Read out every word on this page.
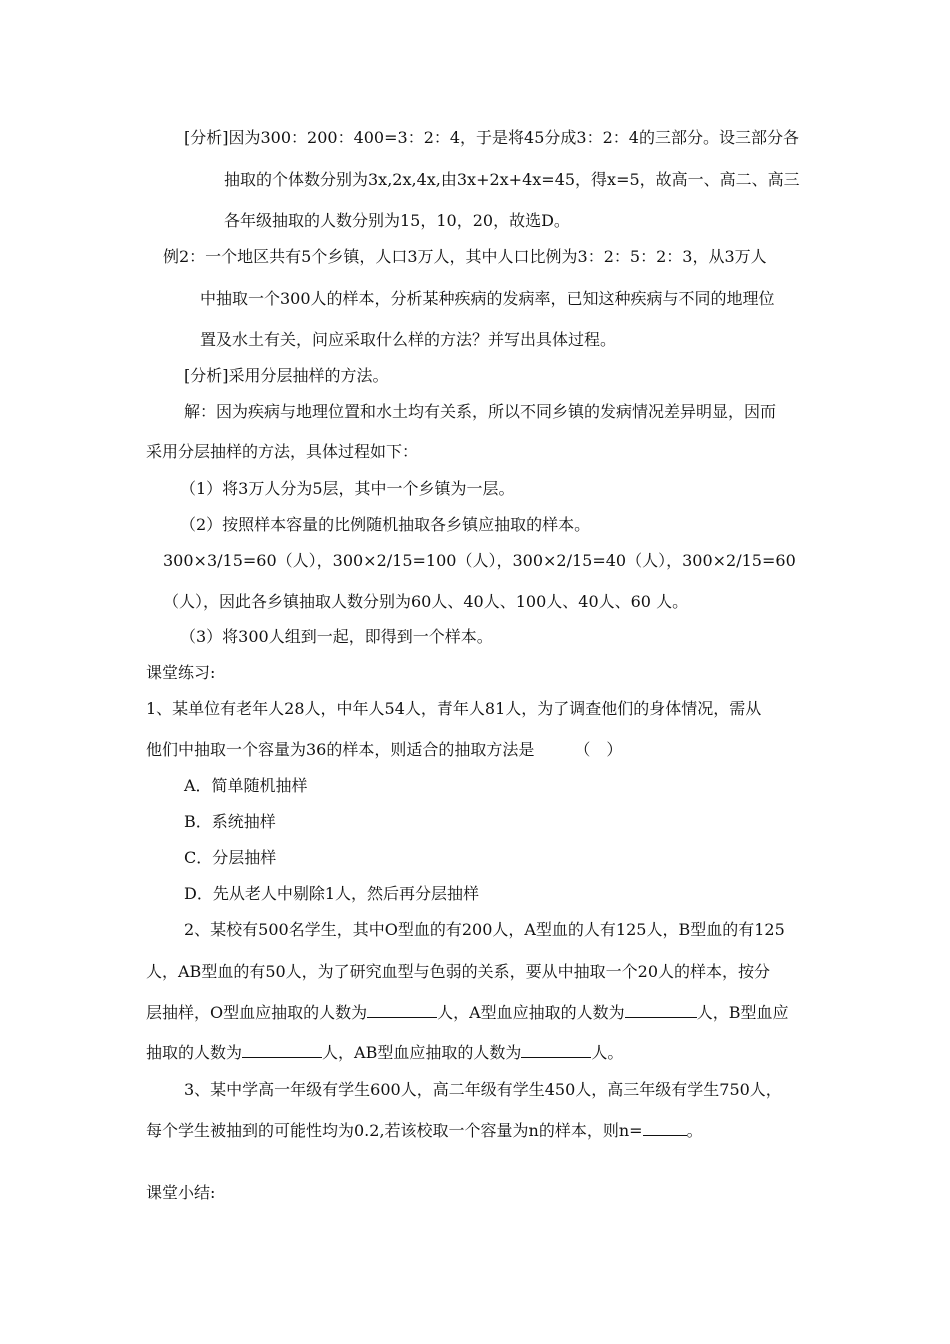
[分析]因为300：200：400=3：2：4，于是将45分成3：2：4的三部分。设三部分各
抽取的个体数分别为3x,2x,4x,由3x+2x+4x=45，得x=5，故高一、高二、高三
各年级抽取的人数分别为15，10，20，故选D。
例2：一个地区共有5个乡镇，人口3万人，其中人口比例为3：2：5：2：3，从3万人
中抽取一个300人的样本，分析某种疾病的发病率，已知这种疾病与不同的地理位
置及水土有关，问应采取什么样的方法？并写出具体过程。
[分析]采用分层抽样的方法。
解：因为疾病与地理位置和水土均有关系，所以不同乡镇的发病情况差异明显，因而
采用分层抽样的方法，具体过程如下：
（1）将3万人分为5层，其中一个乡镇为一层。
（2）按照样本容量的比例随机抽取各乡镇应抽取的样本。
300×3/15=60（人），300×2/15=100（人），300×2/15=40（人），300×2/15=60
（人），因此各乡镇抽取人数分别为60人、40人、100人、40人、60 人。
（3）将300人组到一起，即得到一个样本。
课堂练习:
1、某单位有老年人28人，中年人54人，青年人81人，为了调查他们的身体情况，需从
他们中抽取一个容量为36的样本，则适合的抽取方法是　　　（　）
A．简单随机抽样
B．系统抽样
C．分层抽样
D．先从老人中剔除1人，然后再分层抽样
2、某校有500名学生，其中O型血的有200人，A型血的人有125人，B型血的有125
人，AB型血的有50人，为了研究血型与色弱的关系，要从中抽取一个20人的样本，按分
层抽样，O型血应抽取的人数为	人，A型血应抽取的人数为	人，B型血应
抽取的人数为	人，AB型血应抽取的人数为	人。
3、某中学高一年级有学生600人，高二年级有学生450人，高三年级有学生750人，
每个学生被抽到的可能性均为0.2,若该校取一个容量为n的样本，则n=	。
课堂小结:
